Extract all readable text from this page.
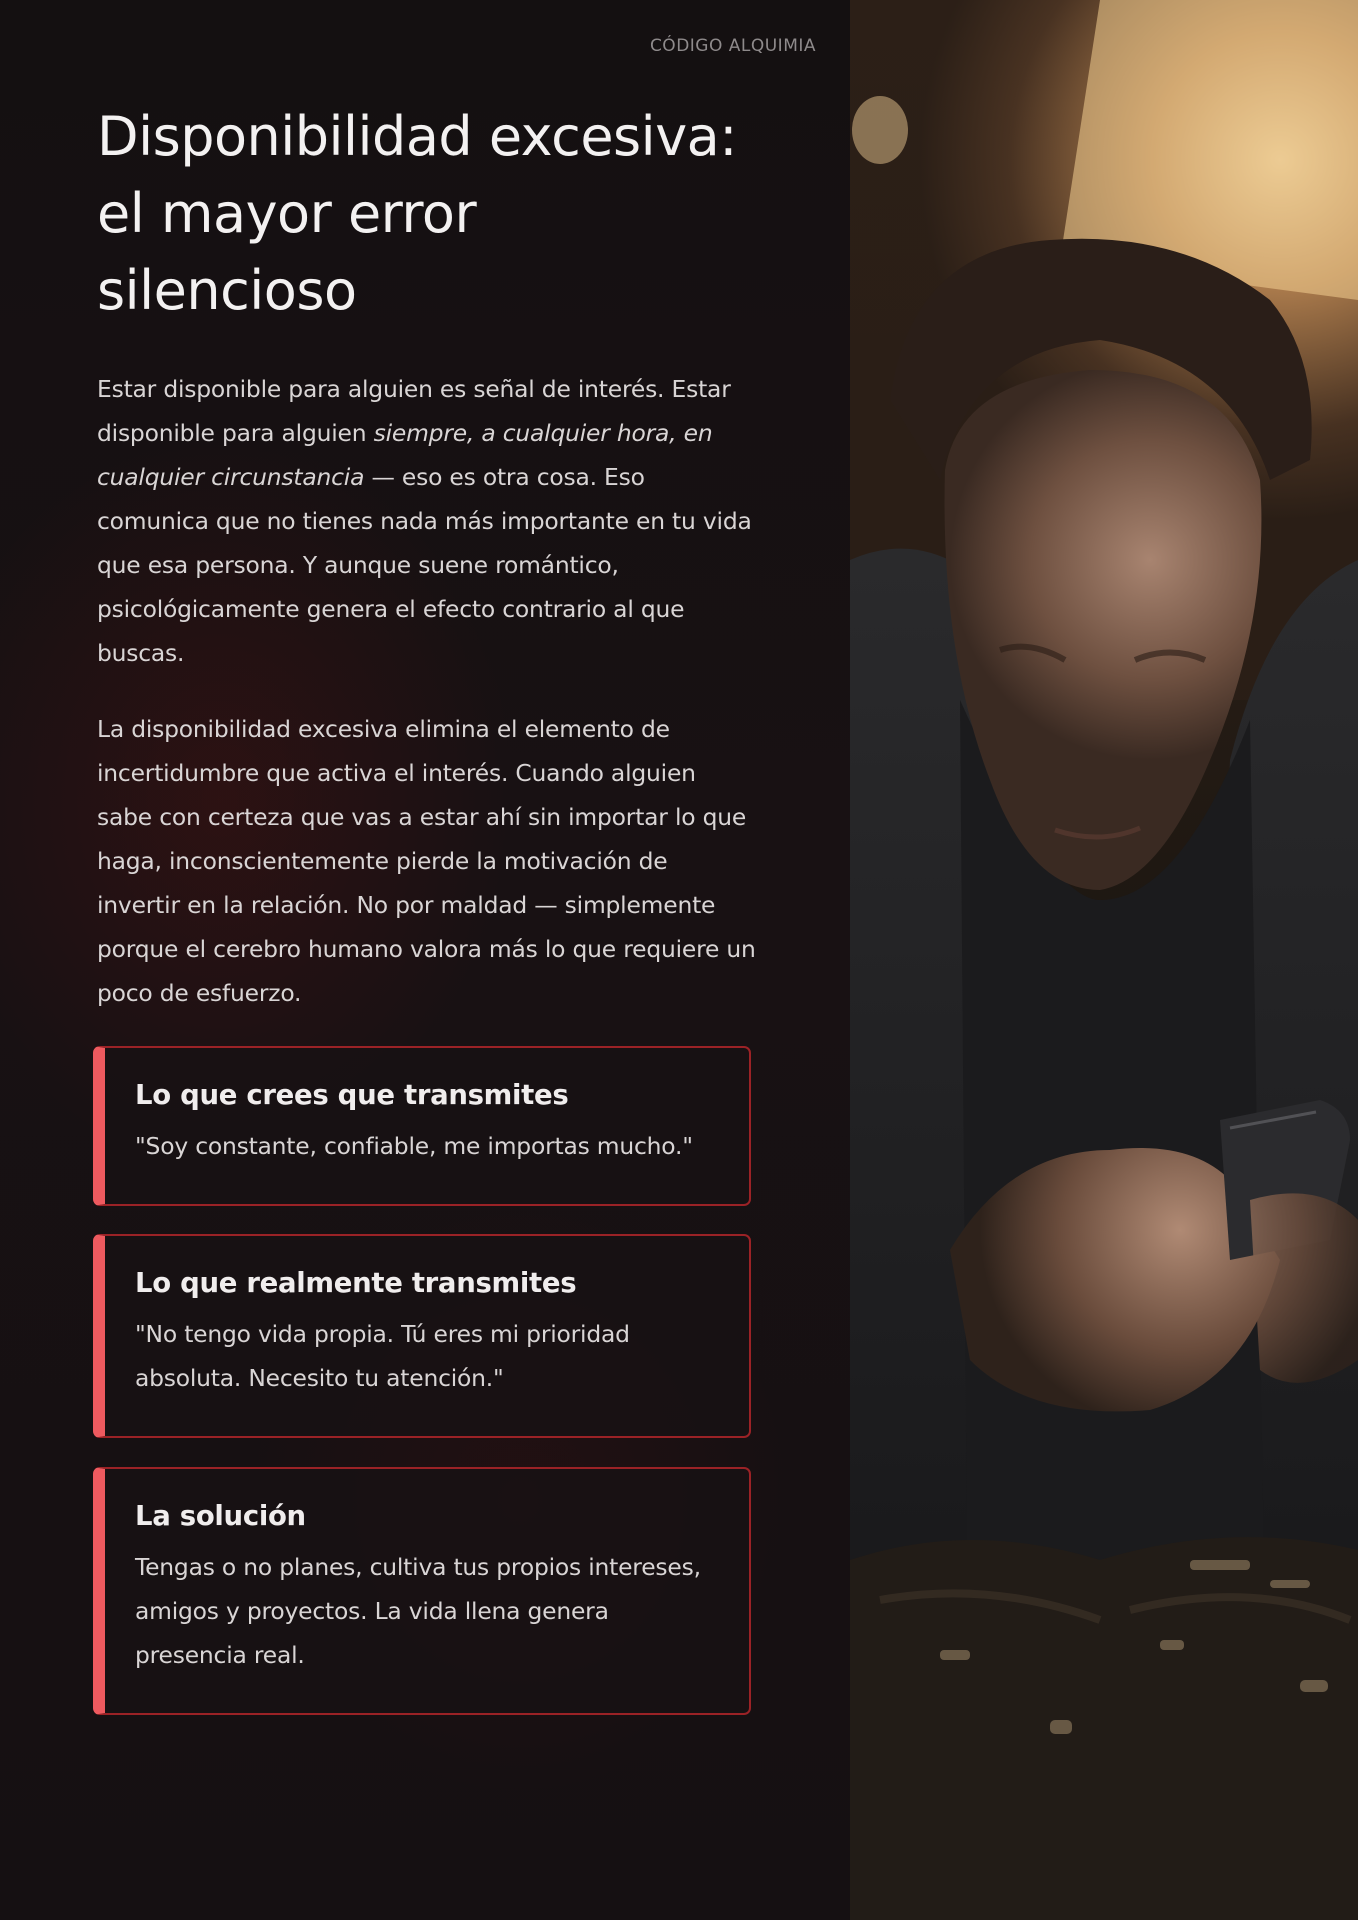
CÓDIGO ALQUIMIA
Disponibilidad excesiva:
el mayor error
silencioso

Estar disponible para alguien es señal de interés. Estar disponible para alguien siempre, a cualquier hora, en cualquier circunstancia — eso es otra cosa. Eso comunica que no tienes nada más importante en tu vida que esa persona. Y aunque suene romántico, psicológicamente genera el efecto contrario al que buscas.

La disponibilidad excesiva elimina el elemento de incertidumbre que activa el interés. Cuando alguien sabe con certeza que vas a estar ahí sin importar lo que haga, inconscientemente pierde la motivación de invertir en la relación. No por maldad — simplemente porque el cerebro humano valora más lo que requiere un poco de esfuerzo.

Lo que crees que transmites

"Soy constante, confiable, me importas mucho."

Lo que realmente transmites

"No tengo vida propia. Tú eres mi prioridad absoluta. Necesito tu atención."

La solución

Tengas o no planes, cultiva tus propios intereses, amigos y proyectos. La vida llena genera presencia real.
